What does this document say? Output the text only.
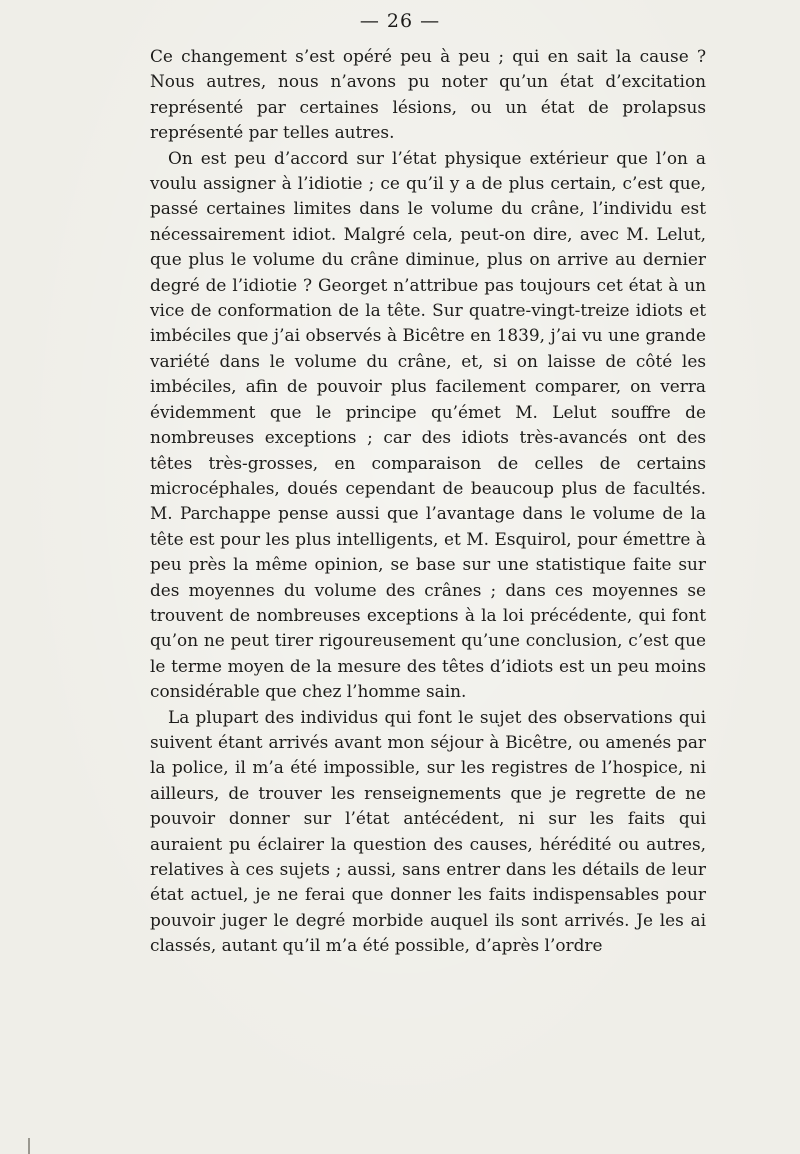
— 26 —

Ce changement s’est opéré peu à peu ; qui en sait la cause ? Nous autres, nous n’avons pu noter qu’un état d’excitation représenté par certaines lésions, ou un état de prolapsus représenté par telles autres.

On est peu d’accord sur l’état physique extérieur que l’on a voulu assigner à l’idiotie ; ce qu’il y a de plus certain, c’est que, passé certaines limites dans le volume du crâne, l’individu est nécessairement idiot. Malgré cela, peut-on dire, avec M. Lelut, que plus le volume du crâne diminue, plus on arrive au dernier degré de l’idiotie ? Georget n’attribue pas toujours cet état à un vice de conformation de la tête. Sur quatre-vingt-treize idiots et imbéciles que j’ai observés à Bicêtre en 1839, j’ai vu une grande variété dans le volume du crâne, et, si on laisse de côté les imbéciles, afin de pouvoir plus facilement comparer, on verra évidemment que le principe qu’émet M. Lelut souffre de nombreuses exceptions ; car des idiots très-avancés ont des têtes très-grosses, en comparaison de celles de certains microcéphales, doués cependant de beaucoup plus de facultés. M. Parchappe pense aussi que l’avantage dans le volume de la tête est pour les plus intelligents, et M. Esquirol, pour émettre à peu près la même opinion, se base sur une statistique faite sur des moyennes du volume des crânes ; dans ces moyennes se trouvent de nombreuses exceptions à la loi précédente, qui font qu’on ne peut tirer rigoureusement qu’une conclusion, c’est que le terme moyen de la mesure des têtes d’idiots est un peu moins considérable que chez l’homme sain.

La plupart des individus qui font le sujet des observations qui suivent étant arrivés avant mon séjour à Bicêtre, ou amenés par la police, il m’a été impossible, sur les registres de l’hospice, ni ailleurs, de trouver les renseignements que je regrette de ne pouvoir donner sur l’état antécédent, ni sur les faits qui auraient pu éclairer la question des causes, hérédité ou autres, relatives à ces sujets ; aussi, sans entrer dans les détails de leur état actuel, je ne ferai que donner les faits indispensables pour pouvoir juger le degré morbide auquel ils sont arrivés. Je les ai classés, autant qu’il m’a été possible, d’après l’ordre
